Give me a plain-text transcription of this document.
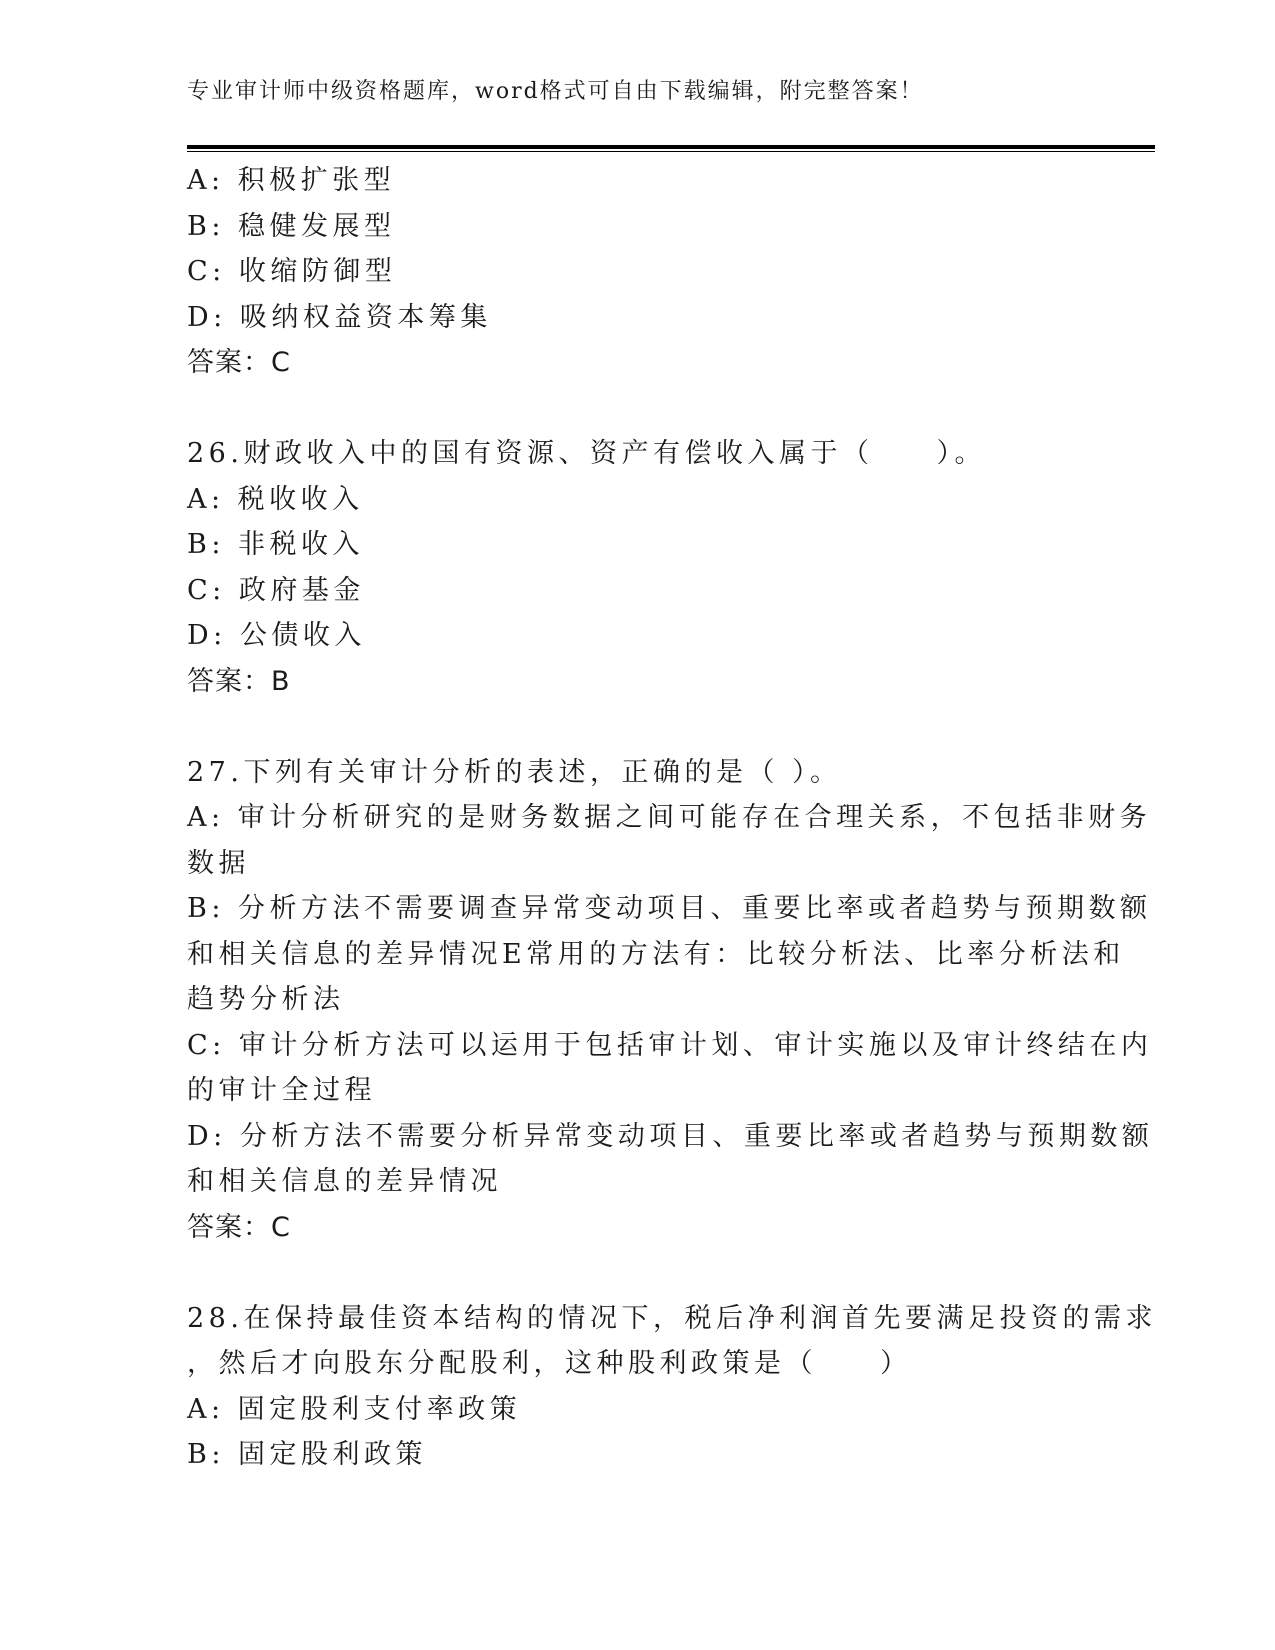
专业审计师中级资格题库，word格式可自由下载编辑，附完整答案！
A: 积极扩张型
B: 稳健发展型
C: 收缩防御型
D: 吸纳权益资本筹集
答案：C
26.财政收入中的国有资源、资产有偿收入属于（　　）。
A: 税收收入
B: 非税收入
C: 政府基金
D: 公债收入
答案：B
27.下列有关审计分析的表述，正确的是（ ）。
A: 审计分析研究的是财务数据之间可能存在合理关系，不包括非财务
数据
B: 分析方法不需要调查异常变动项目、重要比率或者趋势与预期数额
和相关信息的差异情况E常用的方法有：比较分析法、比率分析法和
趋势分析法
C: 审计分析方法可以运用于包括审计划、审计实施以及审计终结在内
的审计全过程
D: 分析方法不需要分析异常变动项目、重要比率或者趋势与预期数额
和相关信息的差异情况
答案：C
28.在保持最佳资本结构的情况下，税后净利润首先要满足投资的需求
，然后才向股东分配股利，这种股利政策是（　　）
A: 固定股利支付率政策
B: 固定股利政策
